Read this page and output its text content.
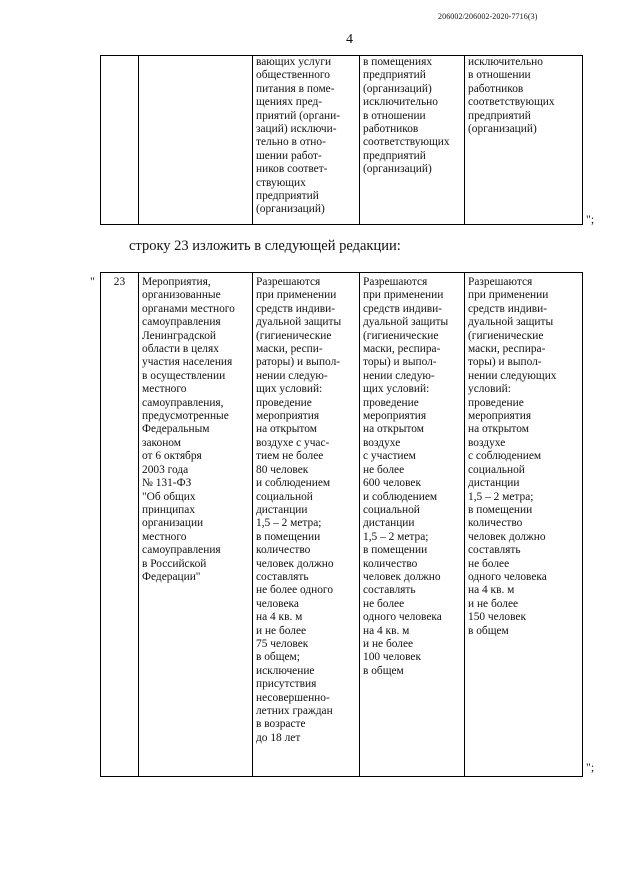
206002/206002-2020-7716(3)
4
		вающих услуги
общественного
питания в поме-
щениях пред-
приятий (органи-
заций) исключи-
тельно в отно-
шении работ-
ников соответ-
ствующих
предприятий
(организаций)	в помещениях
предприятий
(организаций)
исключительно
в отношении
работников
соответствующих
предприятий
(организаций)	исключительно
в отношении
работников
соответствующих
предприятий
(организаций)
";
строку 23 изложить в следующей редакции:
" 23	Мероприятия,
организованные
органами местного
самоуправления
Ленинградской
области в целях
участия населения
в осуществлении
местного
самоуправления,
предусмотренные
Федеральным
законом
от 6 октября
2003 года
№ 131-ФЗ
"Об общих
принципах
организации
местного
самоуправления
в Российской
Федерации"	Разрешаются
при применении
средств индиви-
дуальной защиты
(гигиенические
маски, респи-
раторы) и выпол-
нении следую-
щих условий:
проведение
мероприятия
на открытом
воздухе с учас-
тием не более
80 человек
и соблюдением
социальной
дистанции
1,5 – 2 метра;
в помещении
количество
человек должно
составлять
не более одного
человека
на 4 кв. м
и не более
75 человек
в общем;
исключение
присутствия
несовершенно-
летних граждан
в возрасте
до 18 лет	Разрешаются
при применении
средств индиви-
дуальной защиты
(гигиенические
маски, респира-
торы) и выпол-
нении следую-
щих условий:
проведение
мероприятия
на открытом
воздухе
с участием
не более
600 человек
и соблюдением
социальной
дистанции
1,5 – 2 метра;
в помещении
количество
человек должно
составлять
не более
одного человека
на 4 кв. м
и не более
100 человек
в общем	Разрешаются
при применении
средств индиви-
дуальной защиты
(гигиенические
маски, респира-
торы) и выпол-
нении следующих
условий:
проведение
мероприятия
на открытом
воздухе
с соблюдением
социальной
дистанции
1,5 – 2 метра;
в помещении
количество
человек должно
составлять
не более
одного человека
на 4 кв. м
и не более
150 человек
в общем
";
